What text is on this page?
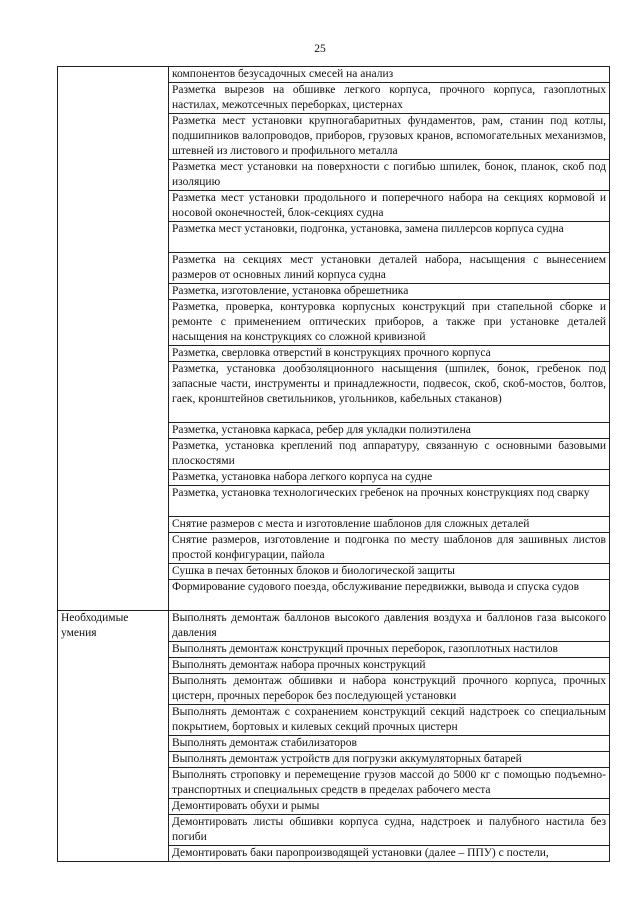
25
	компонентов безусадочных смесей на анализ
	Разметка вырезов на обшивке легкого корпуса, прочного корпуса, газоплотных настилах, межотсечных переборках, цистернах
	Разметка мест установки крупногабаритных фундаментов, рам, станин под котлы, подшипников валопроводов, приборов, грузовых кранов, вспомогательных механизмов, штевней из листового и профильного металла
	Разметка мест установки на поверхности с погибью шпилек, бонок, планок, скоб под изоляцию
	Разметка мест установки продольного и поперечного набора на секциях кормовой и носовой оконечностей, блок-секциях судна
	Разметка мест установки, подгонка, установка, замена пиллерсов корпуса судна
	Разметка на секциях мест установки деталей набора, насыщения с вынесением размеров от основных линий корпуса судна
	Разметка, изготовление, установка обрешетника
	Разметка, проверка, контуровка корпусных конструкций при стапельной сборке и ремонте с применением оптических приборов, а также при установке деталей насыщения на конструкциях со сложной кривизной
	Разметка, сверловка отверстий в конструкциях прочного корпуса
	Разметка, установка дообзоляционного насыщения (шпилек, бонок, гребенок под запасные части, инструменты и принадлежности, подвесок, скоб, скоб-мостов, болтов, гаек, кронштейнов светильников, угольников, кабельных стаканов)
	Разметка, установка каркаса, ребер для укладки полиэтилена
	Разметка, установка креплений под аппаратуру, связанную с основными базовыми плоскостями
	Разметка, установка набора легкого корпуса на судне
	Разметка, установка технологических гребенок на прочных конструкциях под сварку
	Снятие размеров с места и изготовление шаблонов для сложных деталей
	Снятие размеров, изготовление и подгонка по месту шаблонов для зашивных листов простой конфигурации, пайола
	Сушка в печах бетонных блоков и биологической защиты
	Формирование судового поезда, обслуживание передвижки, вывода и спуска судов
Необходимые умения	Выполнять демонтаж баллонов высокого давления воздуха и баллонов газа высокого давления
	Выполнять демонтаж конструкций прочных переборок, газоплотных настилов
	Выполнять демонтаж набора прочных конструкций
	Выполнять демонтаж обшивки и набора конструкций прочного корпуса, прочных цистерн, прочных переборок без последующей установки
	Выполнять демонтаж с сохранением конструкций секций надстроек со специальным покрытием, бортовых и килевых секций прочных цистерн
	Выполнять демонтаж стабилизаторов
	Выполнять демонтаж устройств для погрузки аккумуляторных батарей
	Выполнять строповку и перемещение грузов массой до 5000 кг с помощью подъемно-транспортных и специальных средств в пределах рабочего места
	Демонтировать обухи и рымы
	Демонтировать листы обшивки корпуса судна, надстроек и палубного настила без погиби
	Демонтировать баки паропроизводящей установки (далее – ППУ) с постели,
